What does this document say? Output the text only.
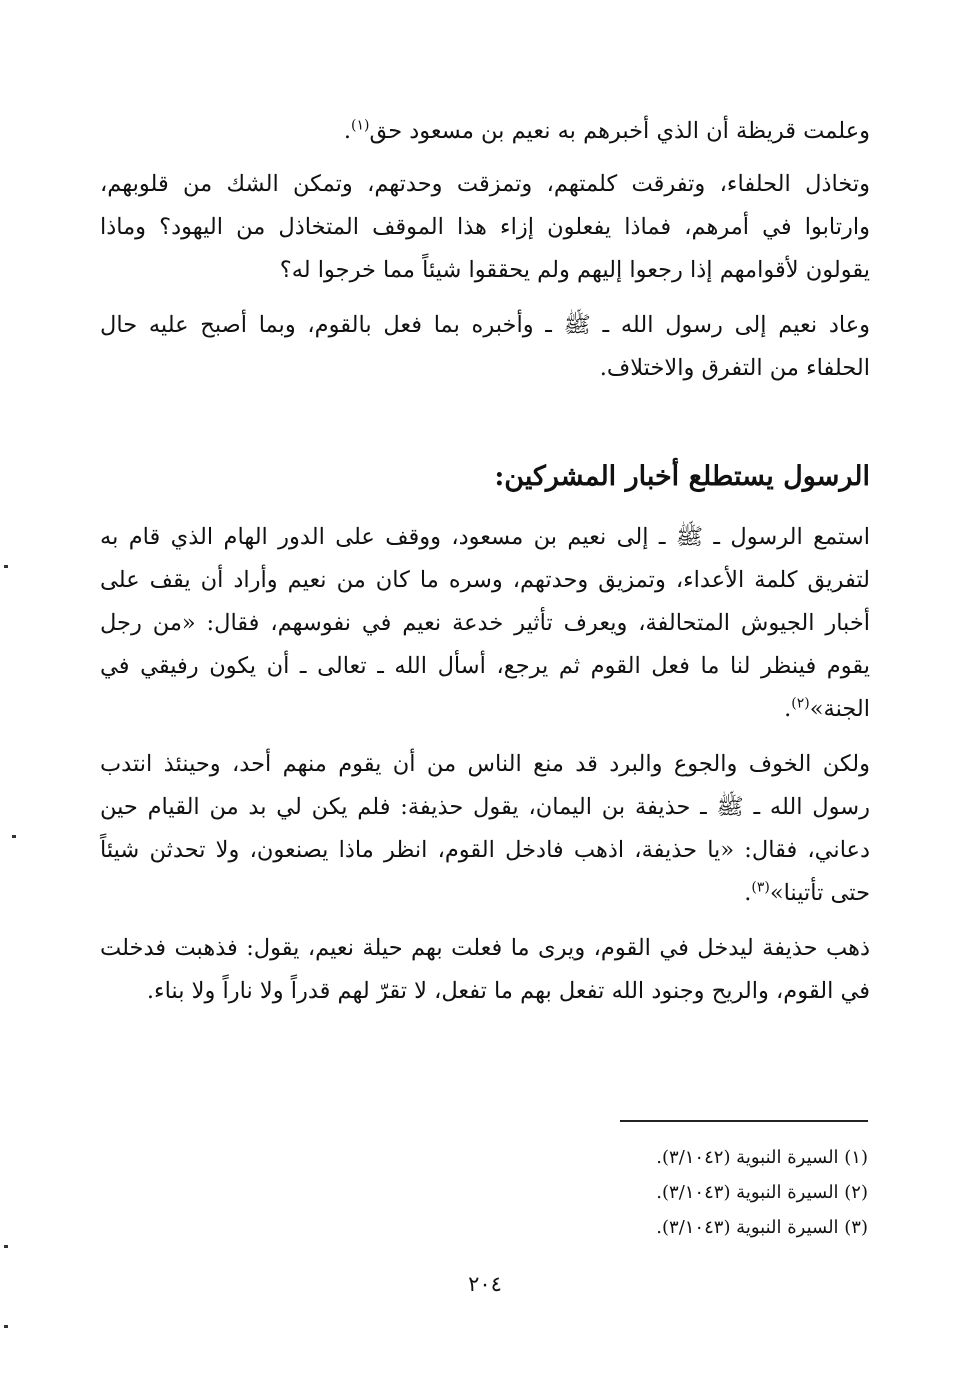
وعلمت قريظة أن الذي أخبرهم به نعيم بن مسعود حق$^{(١)}$.

وتخاذل الحلفاء، وتفرقت كلمتهم، وتمزقت وحدتهم، وتمكن الشك من قلوبهم، وارتابوا في أمرهم، فماذا يفعلون إزاء هذا الموقف المتخاذل من اليهود؟ وماذا يقولون لأقوامهم إذا رجعوا إليهم ولم يحققوا شيئاً مما خرجوا له؟

وعاد نعيم إلى رسول الله ـ ﷺ ـ وأخبره بما فعل بالقوم، وبما أصبح عليه حال الحلفاء من التفرق والاختلاف.

الرسول يستطلع أخبار المشركين:

استمع الرسول ـ ﷺ ـ إلى نعيم بن مسعود، ووقف على الدور الهام الذي قام به لتفريق كلمة الأعداء، وتمزيق وحدتهم، وسره ما كان من نعيم وأراد أن يقف على أخبار الجيوش المتحالفة، ويعرف تأثير خدعة نعيم في نفوسهم، فقال: «من رجل يقوم فينظر لنا ما فعل القوم ثم يرجع، أسأل الله ـ تعالى ـ أن يكون رفيقي في الجنة»$^{(٢)}$.

ولكن الخوف والجوع والبرد قد منع الناس من أن يقوم منهم أحد، وحينئذ انتدب رسول الله ـ ﷺ ـ حذيفة بن اليمان، يقول حذيفة: فلم يكن لي بد من القيام حين دعاني، فقال: «يا حذيفة، اذهب فادخل القوم، انظر ماذا يصنعون، ولا تحدثن شيئاً حتى تأتينا»$^{(٣)}$.

ذهب حذيفة ليدخل في القوم، ويرى ما فعلت بهم حيلة نعيم، يقول: فذهبت فدخلت في القوم، والريح وجنود الله تفعل بهم ما تفعل، لا تقرّ لهم قدراً ولا ناراً ولا بناء.

(١) السيرة النبوية (٣/١٠٤٢).
(٢) السيرة النبوية (٣/١٠٤٣).
(٣) السيرة النبوية (٣/١٠٤٣).
٢٠٤
